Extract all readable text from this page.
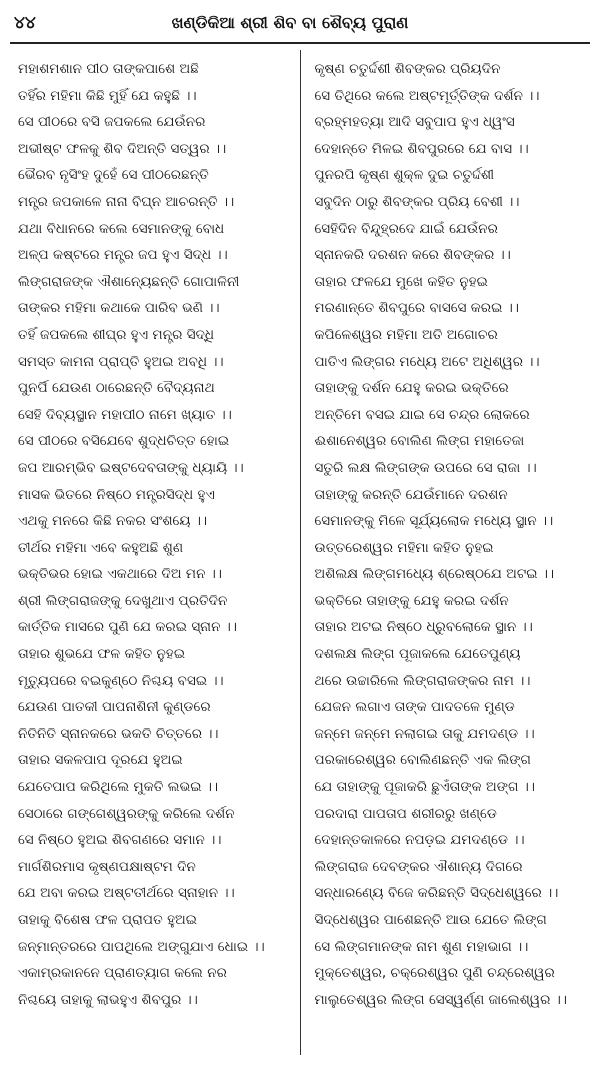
୪୪	ଖଣ୍ଡିକିଆ ଶ୍ରୀ ଶିବ ବା ଶୈବ୍ୟ ପୁରାଣ
ମହାଶମଶାନ ପୀଠ ତାଙ୍କପାଶେ ଅଛି
ତହିଁର ମହିମା କିଛି ମୁହିଁ ଯେ କହୁଛି ।।
ସେ ପୀଠରେ ବସି ଜପକଲେ ଯେଉଁନର
ଅଭୀଷ୍ଟ ଫଳକୁ ଶିବ ଦିଅନ୍ତି ସତ୍ୱର ।।
ଭୈରବ ନୃସିଂହ ଦୁହେଁ ସେ ପୀଠରେଛନ୍ତି
ମନ୍ତ୍ର ଜପକାଳେ ନାନା ବିଘ୍ନ ଆଚରନ୍ତି ।।
ଯଥା ବିଧାନରେ କଲେ ସେମାନଙ୍କୁ ବୋଧ
ଅଳ୍ପ କଷ୍ଟରେ ମନ୍ତ୍ର ଜପ ହୁଏ ସିଦ୍ଧ ।।
ଲିଙ୍ଗରାଜଙ୍କ ଐଶାନ୍ୟେଛନ୍ତି ଗୋପାଳିନୀ
ତାଙ୍କର ମହିମା କଥାକେ ପାରିବ ଭଣି ।।
ତହିଁ ଜପକଲେ ଶୀଘ୍ର ହୁଏ ମନ୍ତ୍ର ସିଦ୍ଧି
ସମସ୍ତ କାମନା ପ୍ରାପ୍ତି ହୁଅଇ ଅବଧି ।।
ପୁନର୍ପି ଯେଉଣ ଠାରେଛନ୍ତି ବୈଦ୍ୟନାଥ
ସେହି ଦିବ୍ୟସ୍ଥାନ ମହାପୀଠ ନାମେ ଖ୍ୟାତ ।।
ସେ ପୀଠରେ ବସିଯେବେ ଶୁଦ୍ଧଚିତ୍ତ ହୋଇ
ଜପ ଆରମ୍ଭିବ ଇଷ୍ଟଦେବତାଙ୍କୁ ଧ୍ୟାୟି ।।
ମାସକ ଭିତରେ ନିଷ୍ଠେ ମନ୍ତ୍ରସିଦ୍ଧ ହୁଏ
ଏଥକୁ ମନରେ କିଛି ନକର ସଂଶୟେ ।।
ତୀର୍ଥର ମହିମା ଏବେ କହୁଅଛି ଶୁଣ
ଭକ୍ତିଭର ହୋଇ ଏକଥାରେ ଦିଅ ମନ ।।
ଶ୍ରୀ ଲିଙ୍ଗରାଜଙ୍କୁ ଦେଖୁଥାଏ ପ୍ରତିଦିନ
କାର୍ତ୍ତିକ ମାସରେ ପୁଣି ଯେ କରଇ ସ୍ନାନ ।।
ତାହାର ଶୁଭଯେ ଫଳ କହିତ ନୁହଇ
ମୃତ୍ୟୁପରେ ବଇକୁଣ୍ଠେ ନିଶ୍ଚୟ ବସଇ ।।
ଯେଉଣ ପାତକୀ ପାପନାଶିନୀ କୁଣ୍ଡରେ
ନିତିନିତି ସ୍ନାନକରେ ଭକତି ଚିତ୍ତରେ ।।
ତାହାର ସକଳପାପ ଦୂରଯେ ହୁଅଇ
ଯେତେପାପ କରିଥିଲେ ମୁକତି ଲଭଇ ।।
ସେଠାରେ ଗଙ୍ଗେଶ୍ୱରଙ୍କୁ କରିଲେ ଦର୍ଶନ
ସେ ନିଷ୍ଠେ ହୁଅଇ ଶିବଗଣରେ ସମାନ ।।
ମାର୍ଗଶିରମାସ କୃଷ୍ଣପକ୍ଷାଷ୍ଟମ ଦିନ
ଯେ ଅବା କରଇ ଅଷ୍ଟତୀର୍ଥରେ ସ୍ନାହାନ ।।
ତାହାକୁ ବିଶେଷ ଫଳ ପ୍ରାପତ ହୁଅଇ
ଜନ୍ମାନ୍ତରରେ ପାପଥିଲେ ଅଙ୍ଗୁଯାଏ ଧୋଇ ।।
ଏକାମ୍ରକାନନେ ପ୍ରାଣତ୍ୟାଗ କଲେ ନର
ନିଶ୍ଚୟେ ତାହାକୁ ଲାଭହୁଏ ଶିବପୁର ।।
କୃଷ୍ଣ ଚତୁର୍ଦ୍ଦଶୀ ଶିବଙ୍କର ପ୍ରିୟଦିନ
ସେ ତିଥିରେ କଲେ ଅଷ୍ଟମୂର୍ତ୍ତିଙ୍କ ଦର୍ଶନ ।।
ବ୍ରହ୍ମହତ୍ୟା ଆଦି ସବୁପାପ ହୁଏ ଧ୍ୱଂସ
ଦେହାନ୍ତେ ମିଳଇ ଶିବପୁରରେ ଯେ ବାସ ।।
ପୁନରପି କୃଷ୍ଣ ଶୁକ୍ଳ ଦୁଇ ଚତୁର୍ଦ୍ଦଶୀ
ସବୁଦିନ ଠାରୁ ଶିବଙ୍କର ପ୍ରିୟ ବେଶୀ ।।
ସେହିଦିନ ବିନ୍ଦୁହ୍ରଦେ ଯାଇଁ ଯେଉଁନର
ସ୍ନାନକରି ଦରଶନ କରେ ଶିବଙ୍କର ।।
ତାହାର ଫଳଯେ ମୁଖେ କହିତ ନୁହଇ
ମରଣାନ୍ତେ ଶିବପୁରେ ବାସସେ କରଇ ।।
କପିଳେଶ୍ୱର ମହିମା ଅତି ଅଗୋଚର
ପାତିଏ ଲିଙ୍ଗର ମଧ୍ୟେ ଅଟେ ଅଧିଶ୍ୱର ।।
ତାହାଙ୍କୁ ଦର୍ଶନ ଯେହୁ କରଇ ଭକ୍ତିରେ
ଅନ୍ତିମେ ବସଇ ଯାଇ ସେ ଚନ୍ଦ୍ର ଲୋକରେ
ଈଶାନେଶ୍ୱର ବୋଲିଣ ଲିଙ୍ଗ ମହାତେଜା
ସତୁରି ଲକ୍ଷ ଲିଙ୍ଗଙ୍କ ଉପରେ ସେ ରାଜା ।।
ତାହାଙ୍କୁ କରନ୍ତି ଯେଉଁମାନେ ଦରଶନ
ସେମାନଙ୍କୁ ମିଳେ ସୂର୍ଯ୍ୟଲୋକ ମଧ୍ୟେ ସ୍ଥାନ ।।
ଉତ୍ତରେଶ୍ୱର ମହିମା କହିତ ନୁହଇ
ଅଶିଲକ୍ଷ ଲିଙ୍ଗମଧ୍ୟେ ଶ୍ରେଷ୍ଠଯେ ଅଟଇ ।।
ଭକ୍ତିରେ ତାହାଙ୍କୁ ଯେହୁ କରଇ ଦର୍ଶନ
ତାହାର ଅଟଇ ନିଷ୍ଠେ ଧ୍ରୁବଲୋକେ ସ୍ଥାନ ।।
ଦଶଲକ୍ଷ ଲିଙ୍ଗ ପୂଜାକଲେ ଯେତେପୁଣ୍ୟ
ଥରେ ଉଚ୍ଚାରିଲେ ଲିଙ୍ଗରାଜଙ୍କର ନାମ ।।
ଯେଜନ ଲଗାଏ ତାଙ୍କ ପାଦତଳେ ମୁଣ୍ଡ
ଜନ୍ମେ ଜନ୍ମେ ନଲାଗଇ ତାକୁ ଯମଦଣ୍ଡ ।।
ପରକାରେଶ୍ୱର ବୋଲିଣଛନ୍ତି ଏକ ଲିଙ୍ଗ
ଯେ ତାହାଙ୍କୁ ପୂଜାକରି ଛୁଏଁତାଙ୍କ ଅଙ୍ଗ ।।
ପରଦାରା ପାପତାପ ଶରୀରରୁ ଖଣ୍ଡେ
ଦେହାନ୍ତକାଳରେ ନପଡ଼ଇ ଯମଦଣ୍ଡେ ।।
ଲିଙ୍ଗରାଜ ଦେବଙ୍କର ଐଶାନ୍ୟ ଦିଗରେ
ସନ୍ଧାରଣ୍ୟେ ବିଜେ କରିଛନ୍ତି ସିଦ୍ଧେଶ୍ୱରେ ।।
ସିଦ୍ଧେଶ୍ୱର ପାଶେଛନ୍ତି ଆଉ ଯେତେ ଲିଙ୍ଗ
ସେ ଲିଙ୍ଗମାନଙ୍କ ନାମ ଶୁଣ ମହାଭାଗ ।।
ମୁକ୍ତେଶ୍ୱର, ଚକ୍ରେଶ୍ୱର ପୁଣି ଚନ୍ଦ୍ରେଶ୍ୱର
ମାଲୁତେଶ୍ୱର ଲିଙ୍ଗ ସେସ୍ୱର୍ଣ୍ଣ ଜାଲେଶ୍ୱର ।।
